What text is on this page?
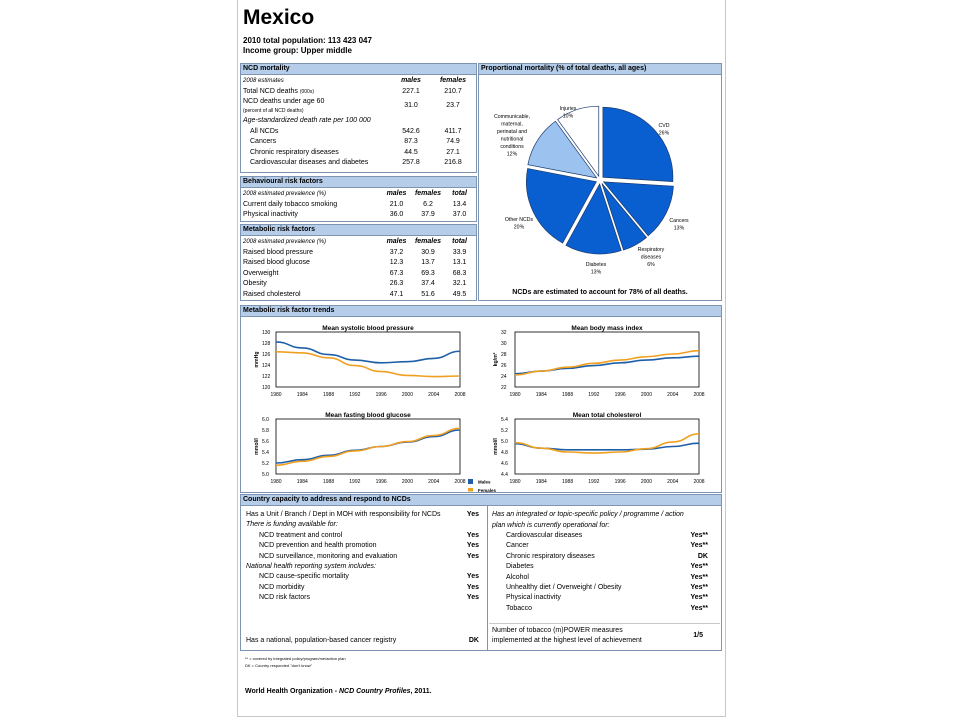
Mexico
2010 total population: 113 423 047
Income group: Upper middle
NCD mortality
2008 estimates	males	females
Total NCD deaths (000s)	227.1	210.7
NCD deaths under age 60
(percent of all NCD deaths)	31.0	23.7
Age-standardized death rate per 100 000		
All NCDs	542.6	411.7
Cancers	87.3	74.9
Chronic respiratory diseases	44.5	27.1
Cardiovascular diseases and diabetes	257.8	216.8
Behavioural risk factors
2008 estimated prevalence (%)	males	females	total
Current daily tobacco smoking	21.0	6.2	13.4
Physical inactivity	36.0	37.9	37.0
Metabolic risk factors
2008 estimated prevalence (%)	males	females	total
Raised blood pressure	37.2	30.9	33.9
Raised blood glucose	12.3	13.7	13.1
Overweight	67.3	69.3	68.3
Obesity	26.3	37.4	32.1
Raised cholesterol	47.1	51.6	49.5
Proportional mortality (% of total deaths, all ages)
CVD
26%
Cancers
13%
Respiratory
diseases
6%
Diabetes
13%
Other NCDs
20%
Communicable,
maternal,
perinatal and
nutritional
conditions
12%
Injuries
10%
NCDs are estimated to account for 78% of all deaths.
Metabolic risk factor trends
Mean systolic blood pressure
120
122
124
126
128
130
1980	1984	1988	1992	1996	2000	2004	2008
mmHg
Mean body mass index
22
24
26
28
30
32
1980	1984	1988	1992	1996	2000	2004	2008
kg/m²
Mean fasting blood glucose
5.0
5.2
5.4
5.6
5.8
6.0
1980	1984	1988	1992	1996	2000	2004	2008
mmol/l
Mean total cholesterol
4.4
4.6
4.8
5.0
5.2
5.4
1980	1984	1988	1992	1996	2000	2004	2008
mmol/l
Males
Females
Country capacity to address and respond to NCDs
Has a Unit / Branch / Dept in MOH with responsibility for NCDs	Yes
There is funding available for:
NCD treatment and control	Yes
NCD prevention and health promotion	Yes
NCD surveillance, monitoring and evaluation	Yes
National health reporting system includes:
NCD cause-specific mortality	Yes
NCD morbidity	Yes
NCD risk factors	Yes
Has a national, population-based cancer registry	DK
Has an integrated or topic-specific policy / programme / action
plan which is currently operational for:
Cardiovascular diseases	Yes**
Cancer	Yes**
Chronic respiratory diseases	DK
Diabetes	Yes**
Alcohol	Yes**
Unhealthy diet / Overweight / Obesity	Yes**
Physical inactivity	Yes**
Tobacco	Yes**
Number of tobacco (m)POWER measures
implemented at the highest level of achievement
1/5
** = covered by integrated policy/program/me/action plan
DK = Country responded "don't know"
World Health Organization - NCD Country Profiles, 2011.
